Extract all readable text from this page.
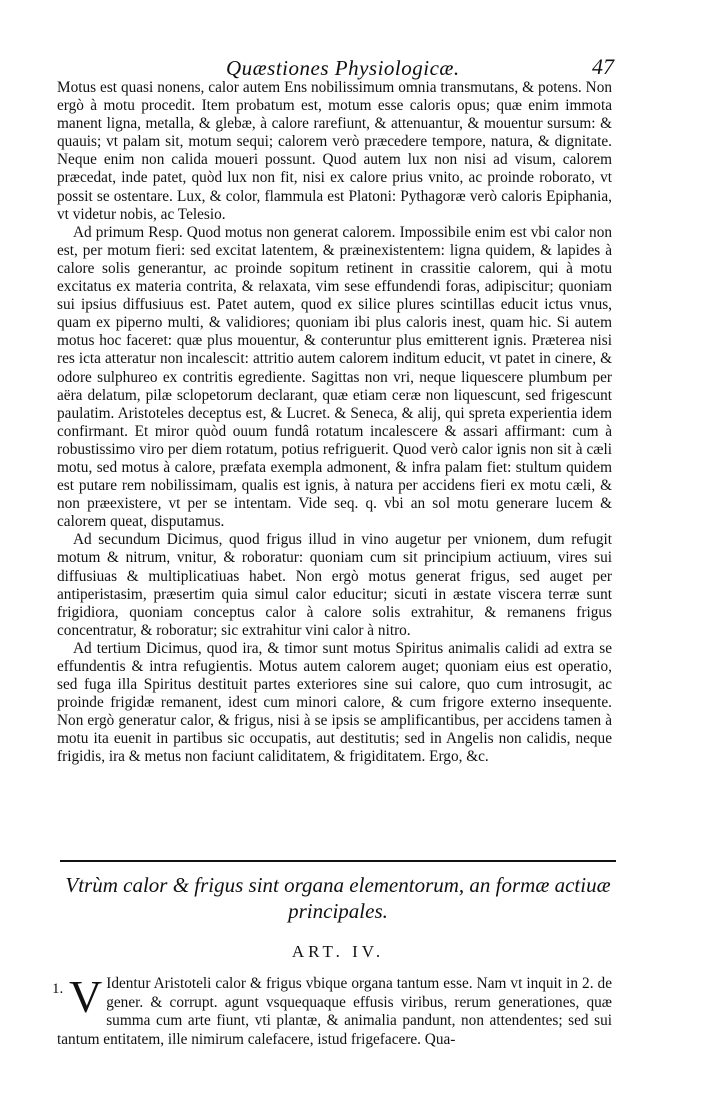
Quæstiones Physiologicæ.	47

Motus est quasi nonens, calor autem Ens nobilissimum omnia transmutans, & potens. Non ergò à motu procedit. Item probatum est, motum esse caloris opus; quæ enim immota manent ligna, metalla, & glebæ, à calore rarefiunt, & attenuantur, & mouentur sursum: & quauis; vt palam sit, motum sequi; calorem verò præcedere tempore, natura, & dignitate. Neque enim non calida moueri possunt. Quod autem lux non nisi ad visum, calorem præcedat, inde patet, quòd lux non fit, nisi ex calore prius vnito, ac proinde roborato, vt possit se ostentare. Lux, & color, flammula est Platoni: Pythagoræ verò caloris Epiphania, vt videtur nobis, ac Telesio.

Ad primum Resp. Quod motus non generat calorem. Impossibile enim est vbi calor non est, per motum fieri: sed excitat latentem, & præinexistentem: ligna quidem, & lapides à calore solis generantur, ac proinde sopitum retinent in crassitie calorem, qui à motu excitatus ex materia contrita, & relaxata, vim sese effundendi foras, adipiscitur; quoniam sui ipsius diffusiuus est. Patet autem, quod ex silice plures scintillas educit ictus vnus, quam ex piperno multi, & validiores; quoniam ibi plus caloris inest, quam hic. Si autem motus hoc faceret: quæ plus mouentur, & conteruntur plus emitterent ignis. Præterea nisi res icta atteratur non incalescit: attritio autem calorem inditum educit, vt patet in cinere, & odore sulphureo ex contritis egrediente. Sagittas non vri, neque liquescere plumbum per aëra delatum, pilæ sclopetorum declarant, quæ etiam ceræ non liquescunt, sed frigescunt paulatim. Aristoteles deceptus est, & Lucret. & Seneca, & alij, qui spreta experientia idem confirmant. Et miror quòd ouum fundâ rotatum incalescere & assari affirmant: cum à robustissimo viro per diem rotatum, potius refriguerit. Quod verò calor ignis non sit à cæli motu, sed motus à calore, præfata exempla admonent, & infra palam fiet: stultum quidem est putare rem nobilissimam, qualis est ignis, à natura per accidens fieri ex motu cæli, & non præexistere, vt per se intentam. Vide seq. q. vbi an sol motu generare lucem & calorem queat, disputamus.

Ad secundum Dicimus, quod frigus illud in vino augetur per vnionem, dum refugit motum & nitrum, vnitur, & roboratur: quoniam cum sit principium actiuum, vires sui diffusiuas & multiplicatiuas habet. Non ergò motus generat frigus, sed auget per antiperistasim, præsertim quia simul calor educitur; sicuti in æstate viscera terræ sunt frigidiora, quoniam conceptus calor à calore solis extrahitur, & remanens frigus concentratur, & roboratur; sic extrahitur vini calor à nitro.

Ad tertium Dicimus, quod ira, & timor sunt motus Spiritus animalis calidi ad extra se effundentis & intra refugientis. Motus autem calorem auget; quoniam eius est operatio, sed fuga illa Spiritus destituit partes exteriores sine sui calore, quo cum introsugit, ac proinde frigidæ remanent, idest cum minori calore, & cum frigore externo insequente. Non ergò generatur calor, & frigus, nisi à se ipsis se amplificantibus, per accidens tamen à motu ita euenit in partibus sic occupatis, aut destitutis; sed in Angelis non calidis, neque frigidis, ira & metus non faciunt caliditatem, & frigiditatem. Ergo, &c.

Vtrùm calor & frigus sint organa elementorum, an formæ actiuæ principales.
ART. IV.
1. V Identur Aristoteli calor & frigus vbique organa tantum esse. Nam vt inquit in 2. de gener. & corrupt. agunt vsquequaque effusis viribus, rerum generationes, quæ summa cum arte fiunt, vti plantæ, & animalia pandunt, non attendentes; sed sui tantum entitatem, ille nimirum calefacere, istud frigefacere. Qua-
